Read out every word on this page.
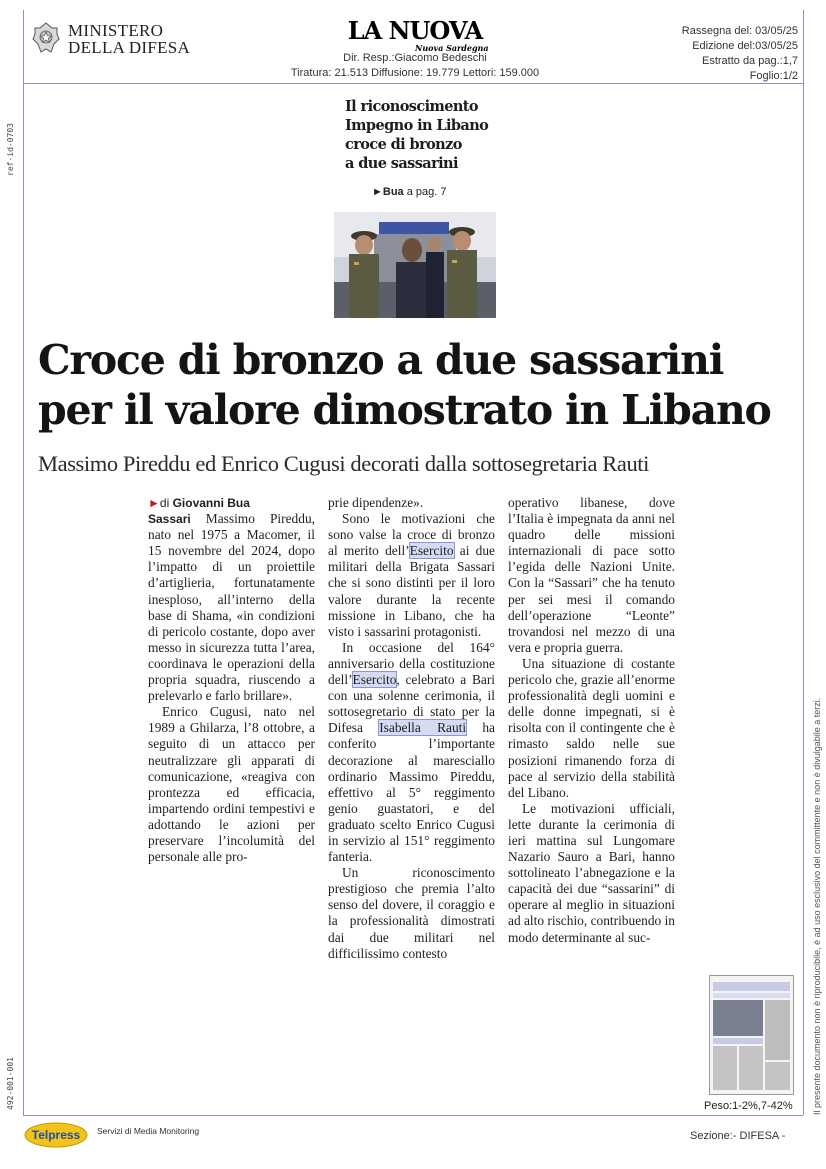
MINISTERO
DELLA DIFESA
LA NUOVA
Nuova Sardegna
Dir. Resp.:Giacomo Bedeschi
Tiratura: 21.513 Diffusione: 19.779 Lettori: 159.000
Rassegna del: 03/05/25
Edizione del:03/05/25
Estratto da pag.:1,7
Foglio:1/2
ref-id-0703
492-001-001	Il presente documento non è riproducibile, è ad uso esclusivo del committente e non è divulgabile a terzi.
Il riconoscimento
Impegno in Libano
croce di bronzo
a due sassarini
►Bua a pag. 7
Croce di bronzo a due sassarini
per il valore dimostrato in Libano
Massimo Pireddu ed Enrico Cugusi decorati dalla sottosegretaria Rauti

►di Giovanni Bua

Sassari Massimo Pireddu, nato nel 1975 a Macomer, il 15 novembre del 2024, dopo l’impatto di un proiettile d’artiglieria, fortunatamente inesploso, all’interno della base di Shama, «in condizioni di pericolo costante, dopo aver messo in sicurezza tutta l’area, coordinava le operazioni della propria squadra, riuscendo a prelevarlo e farlo brillare».

Enrico Cugusi, nato nel 1989 a Ghilarza, l’8 ottobre, a seguito di un attacco per neutralizzare gli apparati di comunicazione, «reagiva con prontezza ed efficacia, impartendo ordini tempestivi e adottando le azioni per preservare l’incolumità del personale alle pro-

prie dipendenze».

Sono le motivazioni che sono valse la croce di bronzo al merito dell’Esercito ai due militari della Brigata Sassari che si sono distinti per il loro valore durante la recente missione in Libano, che ha visto i sassarini protagonisti.

In occasione del 164° anniversario della costituzione dell’Esercito, celebrato a Bari con una solenne cerimonia, il sottosegretario di stato per la Difesa Isabella Rauti ha conferito l’importante decorazione al maresciallo ordinario Massimo Pireddu, effettivo al 5° reggimento genio guastatori, e del graduato scelto Enrico Cugusi in servizio al 151° reggimento fanteria.

Un riconoscimento prestigioso che premia l’alto senso del dovere, il coraggio e la professionalità dimostrati dai due militari nel difficilissimo contesto

operativo libanese, dove l’Italia è impegnata da anni nel quadro delle missioni internazionali di pace sotto l’egida delle Nazioni Unite. Con la “Sassari” che ha tenuto per sei mesi il comando dell’operazione “Leonte” trovandosi nel mezzo di una vera e propria guerra.

Una situazione di costante pericolo che, grazie all’enorme professionalità degli uomini e delle donne impegnati, si è risolta con il contingente che è rimasto saldo nelle sue posizioni rimanendo forza di pace al servizio della stabilità del Libano.

Le motivazioni ufficiali, lette durante la cerimonia di ieri mattina sul Lungomare Nazario Sauro a Bari, hanno sottolineato l’abnegazione e la capacità dei due “sassarini” di operare al meglio in situazioni ad alto rischio, contribuendo in modo determinante al suc-

Peso:1-2%,7-42%
Telpress Servizi di Media Monitoring	Sezione:- DIFESA -
